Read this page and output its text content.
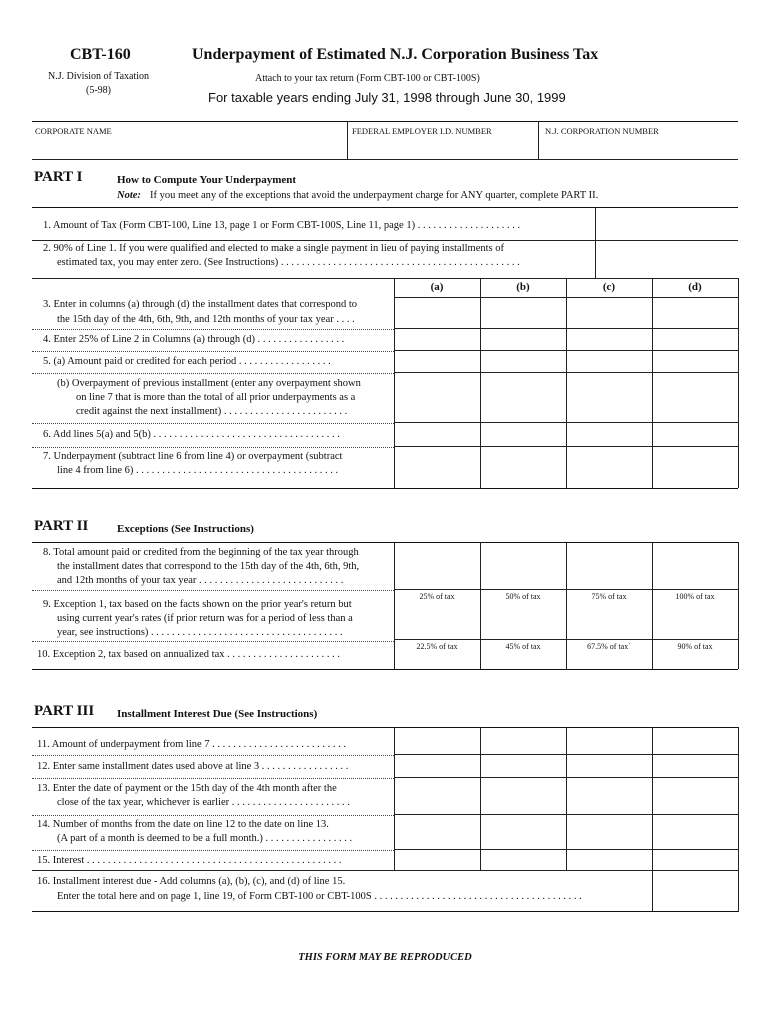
CBT-160	Underpayment of Estimated N.J. Corporation Business Tax
N.J. Division of Taxation
(5-98)
Attach to your tax return (Form CBT-100 or CBT-100S)
For taxable years ending July 31, 1998 through June 30, 1999
CORPORATE NAME	FEDERAL EMPLOYER I.D. NUMBER	N.J. CORPORATION NUMBER
PART I	How to Compute Your Underpayment
Note: If you meet any of the exceptions that avoid the underpayment charge for ANY quarter, complete PART II.
1. Amount of Tax (Form CBT-100, Line 13, page 1 or Form CBT-100S, Line 11, page 1) . . . . . . . . . . . . . . . . . . . .
2. 90% of Line 1. If you were qualified and elected to make a single payment in lieu of paying installments of
estimated tax, you may enter zero. (See Instructions) . . . . . . . . . . . . . . . . . . . . . . . . . . . . . . . . . . . . . . . . . . . . . .
(a)	(b)	(c)	(d)
3. Enter in columns (a) through (d) the installment dates that correspond to
the 15th day of the 4th, 6th, 9th, and 12th months of your tax year . . . .
4. Enter 25% of Line 2 in Columns (a) through (d) . . . . . . . . . . . . . . . . .
5. (a) Amount paid or credited for each period . . . . . . . . . . . . . . . . . .
(b) Overpayment of previous installment (enter any overpayment shown
on line 7 that is more than the total of all prior underpayments as a
credit against the next installment) . . . . . . . . . . . . . . . . . . . . . . . .
6. Add lines 5(a) and 5(b) . . . . . . . . . . . . . . . . . . . . . . . . . . . . . . . . . . . .
7. Underpayment (subtract line 6 from line 4) or overpayment (subtract
line 4 from line 6) . . . . . . . . . . . . . . . . . . . . . . . . . . . . . . . . . . . . . . .
PART II	Exceptions (See Instructions)
8. Total amount paid or credited from the beginning of the tax year through
the installment dates that correspond to the 15th day of the 4th, 6th, 9th,
and 12th months of your tax year . . . . . . . . . . . . . . . . . . . . . . . . . . . .
25% of tax	50% of tax	75% of tax	100% of tax
9. Exception 1, tax based on the facts shown on the prior year's return but
using current year's rates (if prior return was for a period of less than a
year, see instructions) . . . . . . . . . . . . . . . . . . . . . . . . . . . . . . . . . . . . .
22.5% of tax	45% of tax	67.5% of tax`	90% of tax
10. Exception 2, tax based on annualized tax . . . . . . . . . . . . . . . . . . . . . .
PART III Installment Interest Due (See Instructions)
11. Amount of underpayment from line 7 . . . . . . . . . . . . . . . . . . . . . . . . . .
12. Enter same installment dates used above at line 3 . . . . . . . . . . . . . . . . .
13. Enter the date of payment or the 15th day of the 4th month after the
close of the tax year, whichever is earlier . . . . . . . . . . . . . . . . . . . . . . .
14. Number of months from the date on line 12 to the date on line 13.
(A part of a month is deemed to be a full month.) . . . . . . . . . . . . . . . . .
15. Interest . . . . . . . . . . . . . . . . . . . . . . . . . . . . . . . . . . . . . . . . . . . . . . . . .
16. Installment interest due - Add columns (a), (b), (c), and (d) of line 15.
Enter the total here and on page 1, line 19, of Form CBT-100 or CBT-100S . . . . . . . . . . . . . . . . . . . . . . . . . . . . . . . . . . . . . . . .
THIS FORM MAY BE REPRODUCED
